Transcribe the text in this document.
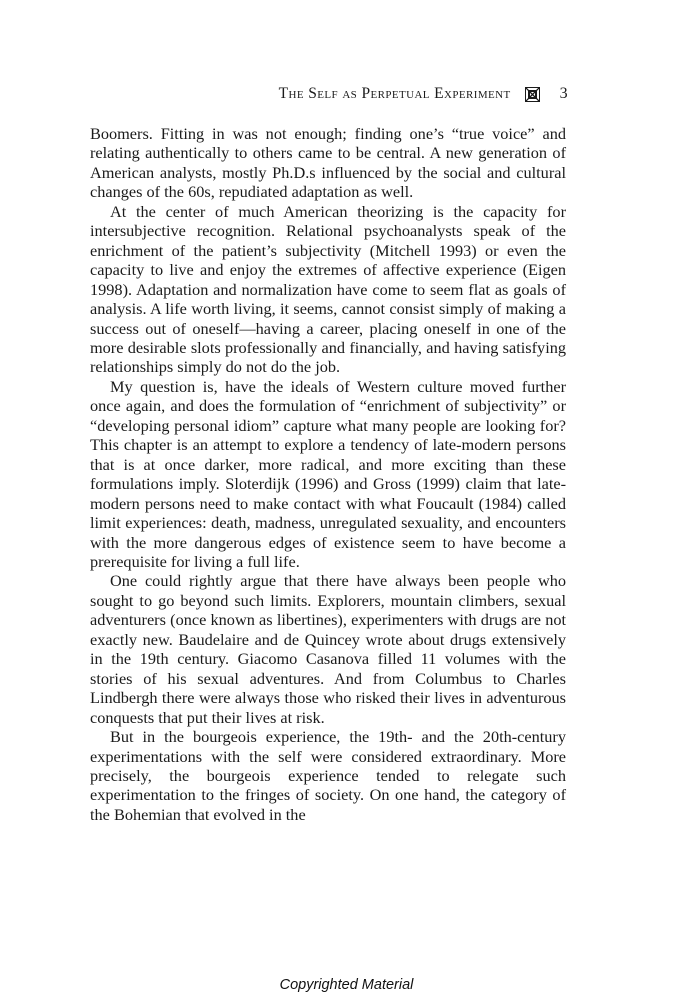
The Self as Perpetual Experiment	3

Boomers. Fitting in was not enough; finding one’s “true voice” and relating authentically to others came to be central. A new generation of American analysts, mostly Ph.D.s influenced by the social and cultural changes of the 60s, repudiated adaptation as well.

At the center of much American theorizing is the capacity for intersubjective recognition. Relational psychoanalysts speak of the enrichment of the patient’s subjectivity (Mitchell 1993) or even the capacity to live and enjoy the extremes of affective experience (Eigen 1998). Adaptation and normalization have come to seem flat as goals of analysis. A life worth living, it seems, cannot consist simply of making a success out of oneself—having a career, placing oneself in one of the more desirable slots professionally and financially, and having satisfying relationships simply do not do the job.

My question is, have the ideals of Western culture moved further once again, and does the formulation of “enrichment of subjectivity” or “developing personal idiom” capture what many people are looking for? This chapter is an attempt to explore a tendency of late-modern persons that is at once darker, more radical, and more exciting than these formulations imply. Sloterdijk (1996) and Gross (1999) claim that late-modern persons need to make contact with what Foucault (1984) called limit experiences: death, madness, unregulated sexuality, and encounters with the more dangerous edges of existence seem to have become a prerequisite for living a full life.

One could rightly argue that there have always been people who sought to go beyond such limits. Explorers, mountain climbers, sexual adventurers (once known as libertines), experimenters with drugs are not exactly new. Baudelaire and de Quincey wrote about drugs extensively in the 19th century. Giacomo Casanova filled 11 volumes with the stories of his sexual adventures. And from Columbus to Charles Lindbergh there were always those who risked their lives in adventurous conquests that put their lives at risk.

But in the bourgeois experience, the 19th- and the 20th-century experimentations with the self were considered extraordinary. More precisely, the bourgeois experience tended to relegate such experimentation to the fringes of society. On one hand, the category of the Bohemian that evolved in the

Copyrighted Material
